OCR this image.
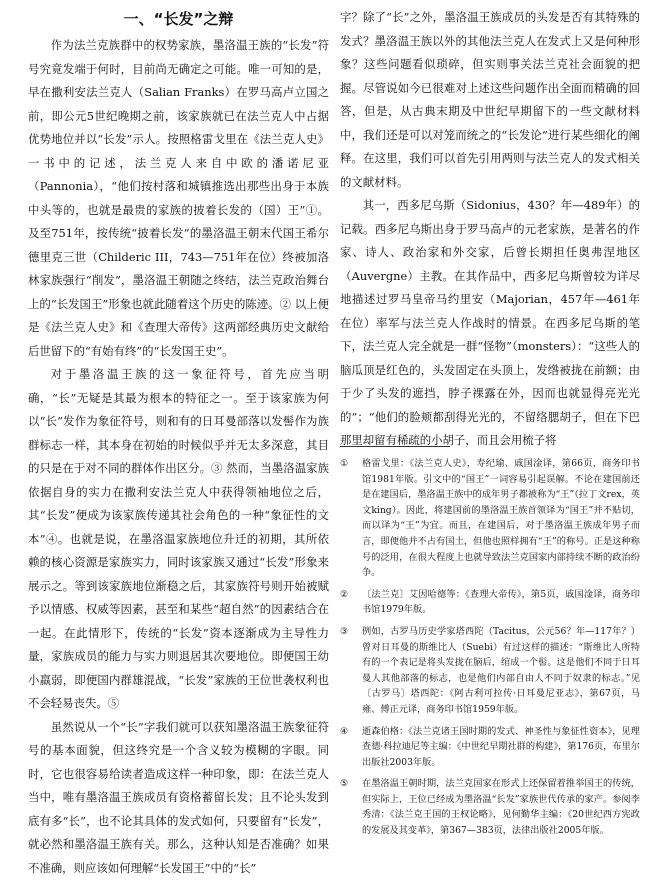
一、“长发”之辩

作为法兰克族群中的权势家族，墨洛温王族的“长发”符号究竟发端于何时，目前尚无确定之可能。唯一可知的是，早在撒利安法兰克人（Salian Franks）在罗马高卢立国之前，即公元5世纪晚期之前，该家族就已在法兰克人中占据优势地位并以“长发”示人。按照格雷戈里在《法兰克人史》一书中的记述，法兰克人来自中欧的潘诺尼亚（Pannonia），“他们按村落和城镇推选出那些出身于本族中头等的，也就是最贵的家族的披着长发的（国）王”①。及至751年，按传统“披着长发”的墨洛温王朝末代国王希尔德里克三世（Childeric III，743—751年在位）终被加洛林家族强行“削发”，墨洛温王朝随之终结，法兰克政治舞台上的“长发国王”形象也就此随着这个历史的陈迹。② 以上便是《法兰克人史》和《查理大帝传》这两部经典历史文献给后世留下的“有始有终”的“长发国王史”。

对于墨洛温王族的这一象征符号，首先应当明确，“长”无疑是其最为根本的特征之一。至于该家族为何以“长”发作为象征符号，则和有的日耳曼部落以发髻作为族群标志一样，其本身在初始的时候似乎并无太多深意，其目的只是在于对不同的群体作出区分。③ 然而，当墨洛温家族依据自身的实力在撒利安法兰克人中获得领袖地位之后，其“长发”便成为该家族传递其社会角色的一种“象征性的文本”④。也就是说，在墨洛温家族地位升迁的初期，其所依赖的核心资源是家族实力，同时该家族又通过“长发”形象来展示之。等到该家族地位渐稳之后，其家族符号则开始被赋予以情感、权威等因素，甚至和某些“超自然”的因素结合在一起。在此情形下，传统的“长发”资本逐渐成为主导性力量，家族成员的能力与实力则退居其次要地位。即便国王幼小羸弱，即便国内群雄混战，“长发”家族的王位世袭权利也不会轻易丧失。⑤

虽然说从一个“长”字我们就可以获知墨洛温王族象征符号的基本面貌，但这终究是一个含义较为模糊的字眼。同时，它也很容易给读者造成这样一种印象，即：在法兰克人当中，唯有墨洛温王族成员有资格蓄留长发；且不论头发到底有多“长”，也不论其具体的发式如何，只要留有“长发”，就必然和墨洛温王族有关。那么，这种认知是否准确？如果不准确，则应该如何理解“长发国王”中的“长”

字？除了“长”之外，墨洛温王族成员的头发是否有其特殊的发式？墨洛温王族以外的其他法兰克人在发式上又是何种形象？这些问题看似琐碎，但实则事关法兰克社会面貌的把握。尽管说如今已很难对上述这些问题作出全面而精确的回答，但是，从古典末期及中世纪早期留下的一些文献材料中，我们还是可以对笼而统之的“长发论”进行某些细化的阐释。在这里，我们可以首先引用两则与法兰克人的发式相关的文献材料。

其一，西多尼乌斯（Sidonius，430？年—489年）的记载。西多尼乌斯出身于罗马高卢的元老家族，是著名的作家、诗人、政治家和外交家，后曾长期担任奥弗涅地区（Auvergne）主教。在其作品中，西多尼乌斯曾较为详尽地描述过罗马皇帝马约里安（Majorian，457年—461年在位）率军与法兰克人作战时的情景。在西多尼乌斯的笔下，法兰克人完全就是一群“怪物”（monsters）：“这些人的脑瓜顶是红色的，头发固定在头顶上，发绺被拢在前额；由于少了头发的遮挡，脖子裸露在外，因而也就显得亮光光的”；“他们的脸颊都刮得光光的，不留络腮胡子，但在下巴那里却留有稀疏的小胡子，而且会用梳子将

①	格雷戈里：《法兰克人史》，寿纪瑜、戚国淦译，第66页，商务印书馆1981年版。引文中的“国王”一词容易引起误解。不论在建国前还是在建国后，墨洛温王族中的成年男子都被称为“王”（拉丁文rex，英文king）。因此，将建国前的墨洛温王族首领译为“国王”并不贴切，而以译为“王”为宜。而且，在建国后，对于墨洛温王族成年男子而言，即便他并不占有国土，但他也照样拥有“王”的称号。正是这种称号的泛用，在很大程度上也就导致法兰克国家内部持续不断的政治纷争。

②	〔法兰克〕艾因哈德等：《查理大帝传》，第5页，戚国淦译，商务印书馆1979年版。

③	例如，古罗马历史学家塔西陀（Tacitus，公元56？年—117年？）曾对日耳曼的斯维比人（Suebi）有过这样的描述：“斯维比人所特有的一个表记是将头发拢在脑后，绾成一个髻。这是他们不同于日耳曼人其他部落的标志，也是他们内部自由人不同于奴隶的标志。”见〔古罗马〕塔西陀：《阿古利可拉传·日耳曼尼亚志》，第67页，马雍、傅正元译，商务印书馆1959年版。

④	逝森伯格：《法兰克诸王国时期的发式、神圣性与象征性资本》，见理查德·科拉迪尼等主编：《中世纪早期社群的构建》，第176页，布里尔出版社2003年版。

⑤	在墨洛温王朝时期，法兰克国家在形式上还保留着推举国王的传统，但实际上，王位已经成为墨洛温“长发”家族世代传承的家产。参阅李秀清：《法兰克王国的王权论略》，见何勤华主编：《20世纪西方宪政的发展及其变革》，第367—383页，法律出版社2005年版。
